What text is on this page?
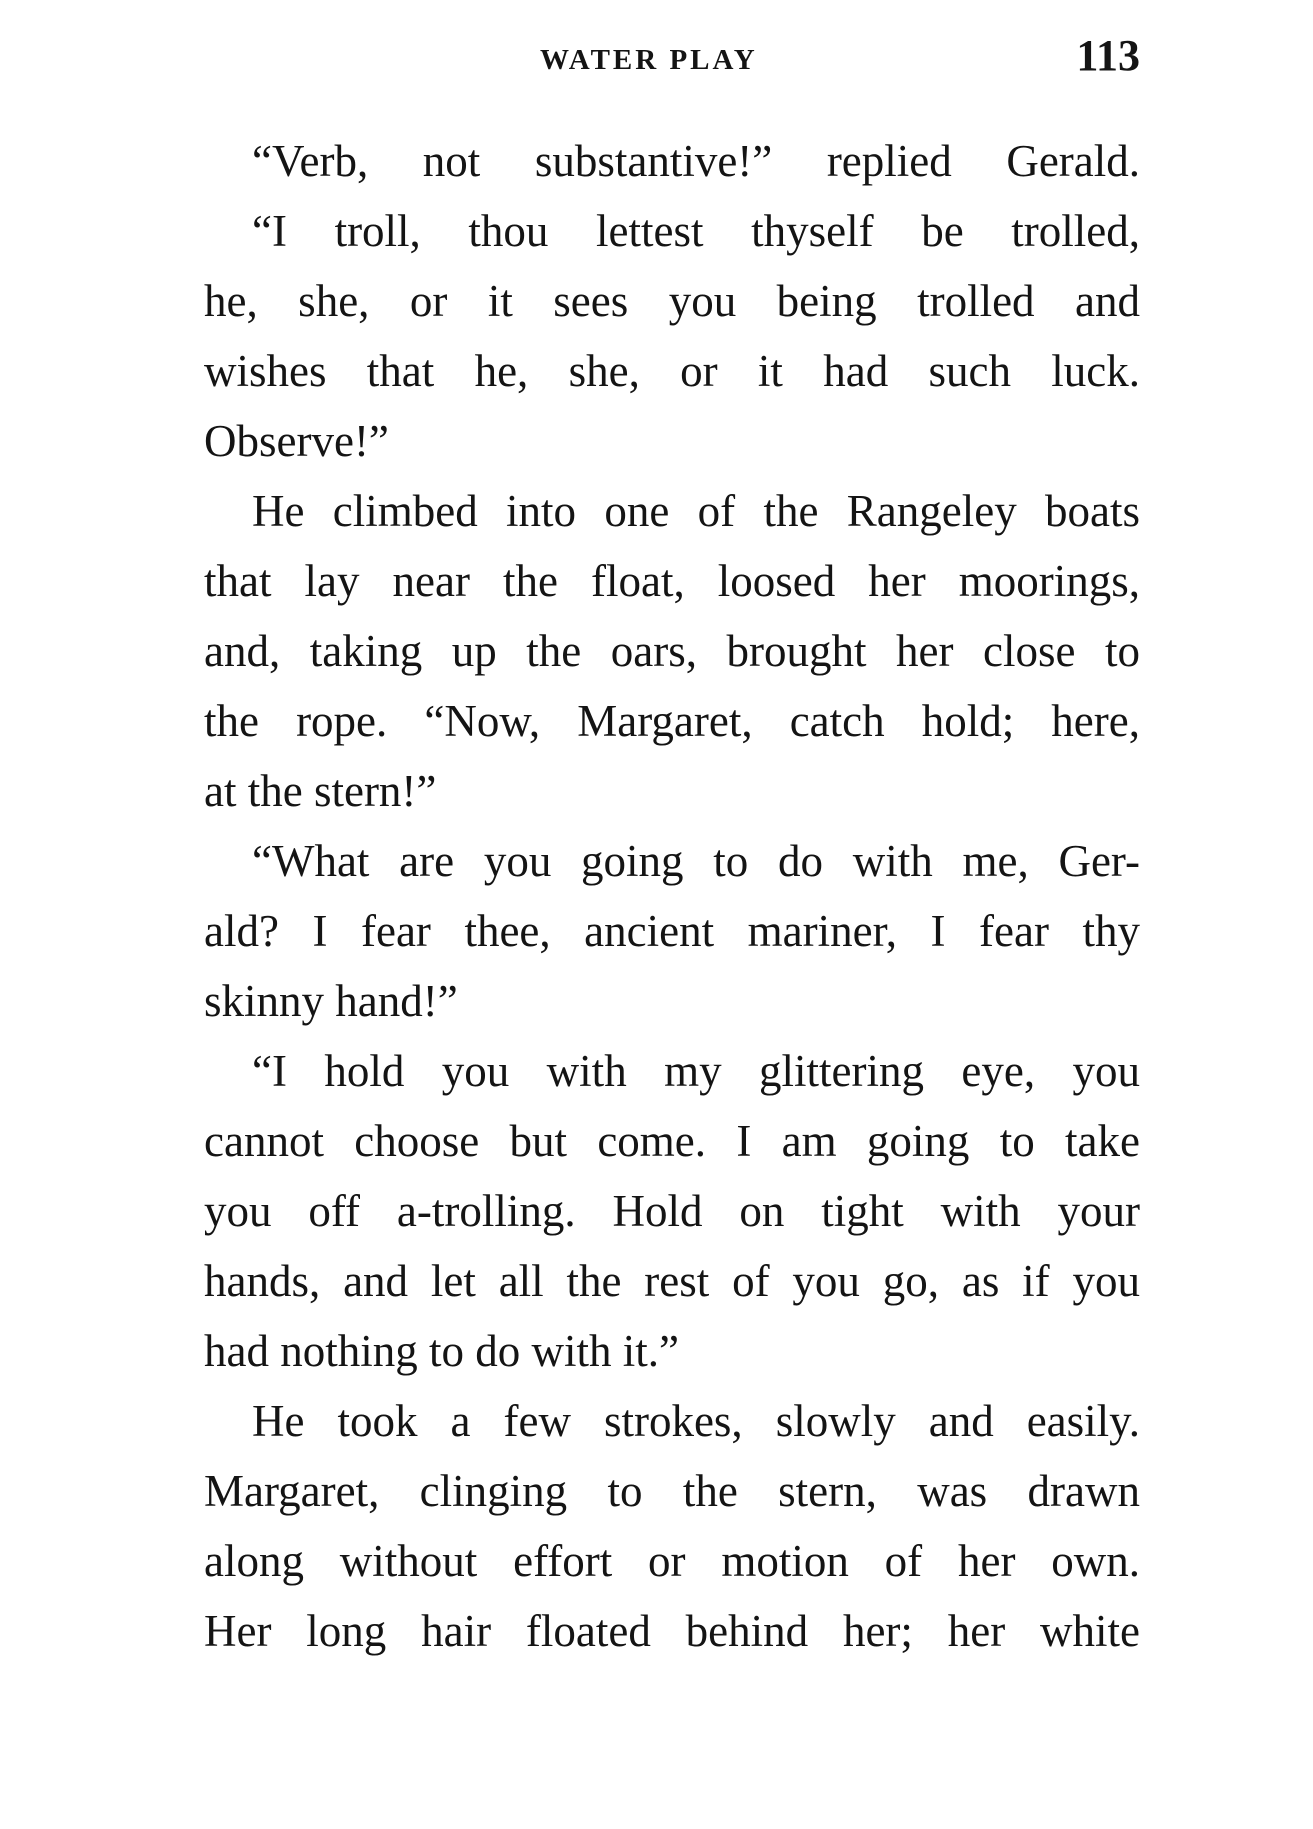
WATER PLAY	113
“Verb, not substantive!” replied Gerald.
“I troll, thou lettest thyself be trolled,
he, she, or it sees you being trolled and
wishes that he, she, or it had such luck.
Observe!”
He climbed into one of the Rangeley boats
that lay near the float, loosed her moorings,
and, taking up the oars, brought her close to
the rope. “Now, Margaret, catch hold; here,
at the stern!”
“What are you going to do with me, Ger-
ald? I fear thee, ancient mariner, I fear thy
skinny hand!”
“I hold you with my glittering eye, you
cannot choose but come. I am going to take
you off a-trolling. Hold on tight with your
hands, and let all the rest of you go, as if you
had nothing to do with it.”
He took a few strokes, slowly and easily.
Margaret, clinging to the stern, was drawn
along without effort or motion of her own.
Her long hair floated behind her; her white
